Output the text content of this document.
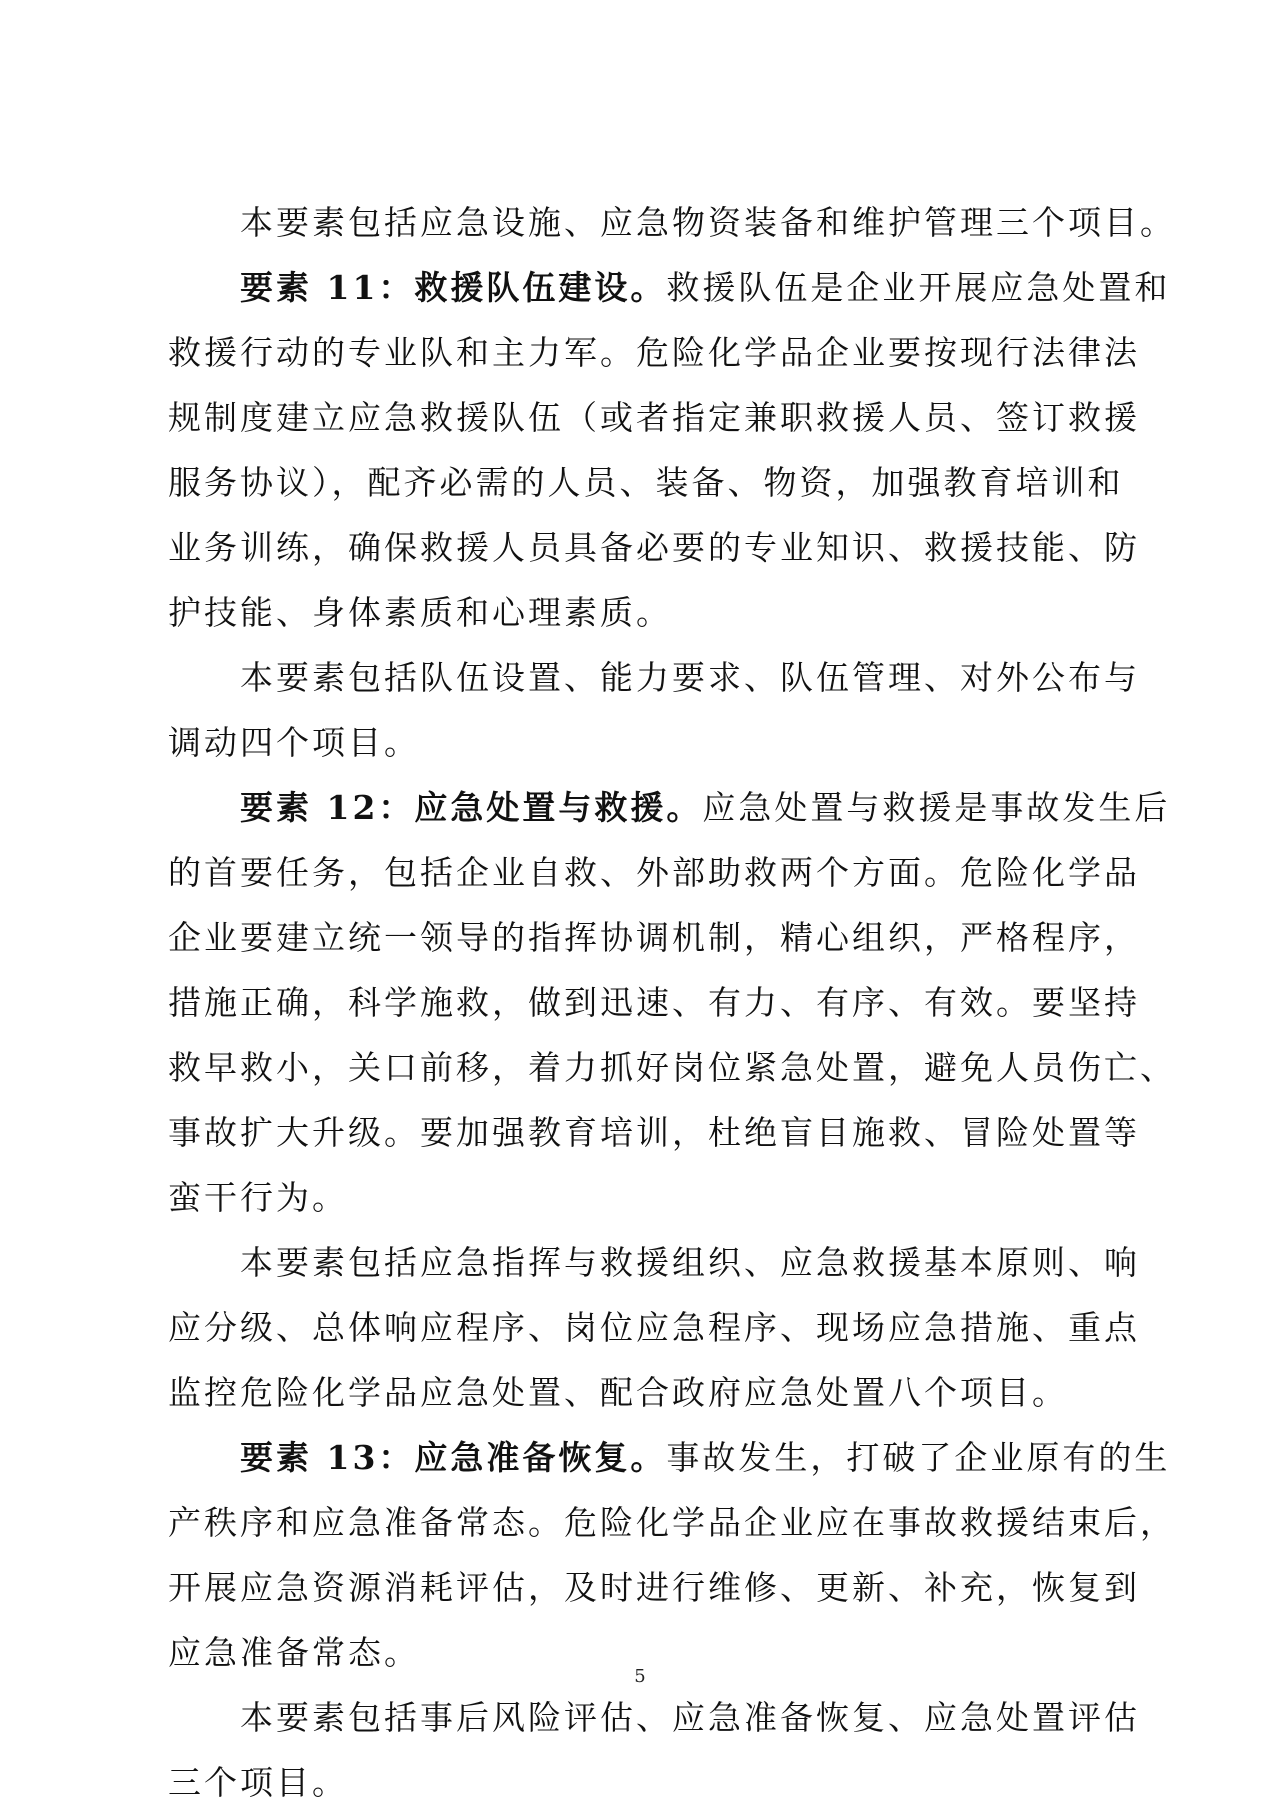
本要素包括应急设施、应急物资装备和维护管理三个项目。
要素 11：救援队伍建设。救援队伍是企业开展应急处置和
救援行动的专业队和主力军。危险化学品企业要按现行法律法
规制度建立应急救援队伍（或者指定兼职救援人员、签订救援
服务协议），配齐必需的人员、装备、物资，加强教育培训和
业务训练，确保救援人员具备必要的专业知识、救援技能、防
护技能、身体素质和心理素质。
本要素包括队伍设置、能力要求、队伍管理、对外公布与
调动四个项目。
要素 12：应急处置与救援。应急处置与救援是事故发生后
的首要任务，包括企业自救、外部助救两个方面。危险化学品
企业要建立统一领导的指挥协调机制，精心组织，严格程序，
措施正确，科学施救，做到迅速、有力、有序、有效。要坚持
救早救小，关口前移，着力抓好岗位紧急处置，避免人员伤亡、
事故扩大升级。要加强教育培训，杜绝盲目施救、冒险处置等
蛮干行为。
本要素包括应急指挥与救援组织、应急救援基本原则、响
应分级、总体响应程序、岗位应急程序、现场应急措施、重点
监控危险化学品应急处置、配合政府应急处置八个项目。
要素 13：应急准备恢复。事故发生，打破了企业原有的生
产秩序和应急准备常态。危险化学品企业应在事故救援结束后，
开展应急资源消耗评估，及时进行维修、更新、补充，恢复到
应急准备常态。
本要素包括事后风险评估、应急准备恢复、应急处置评估
三个项目。
5
